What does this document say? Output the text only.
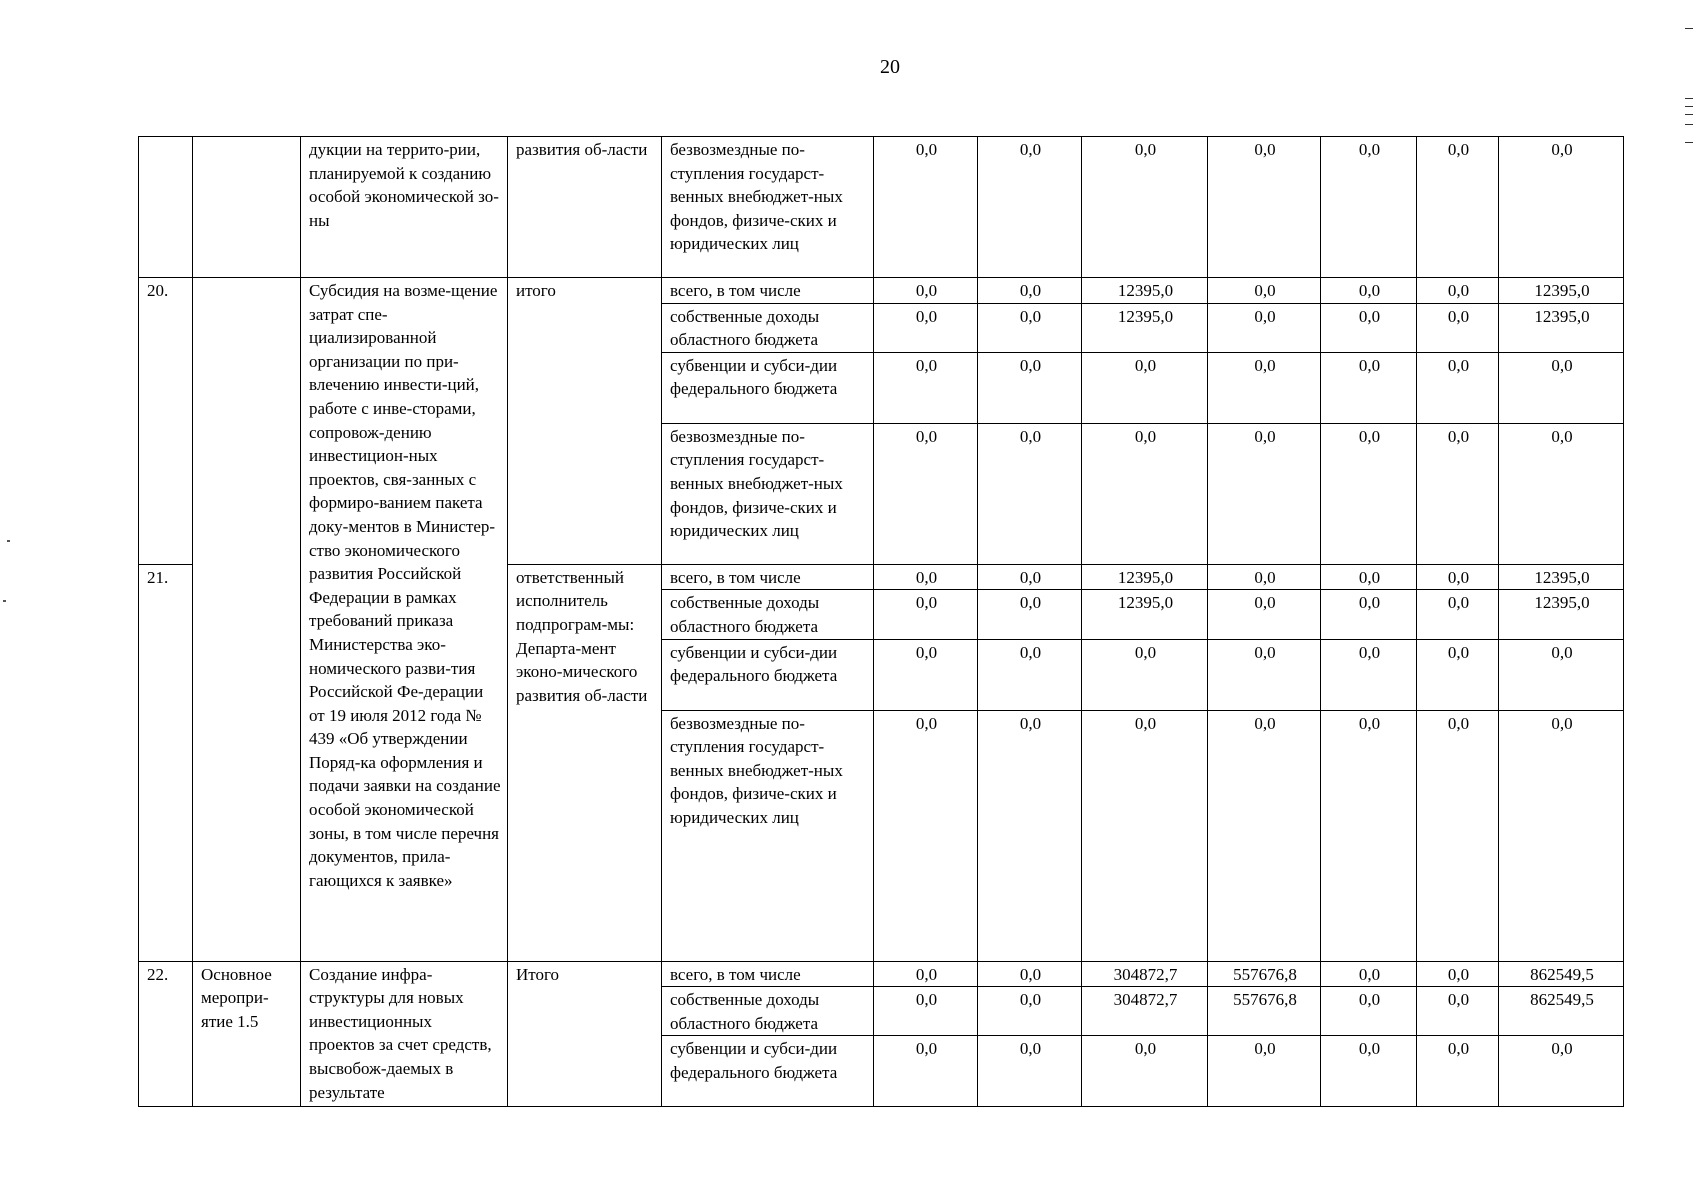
20
		дукции на террито-рии, планируемой к созданию особой экономической зо-ны	развития об-ласти	безвозмездные по-ступления государст-венных внебюджет-ных фондов, физиче-ских и юридических лиц	0,0	0,0	0,0	0,0	0,0	0,0	0,0
20.		Субсидия на возме-щение затрат спе-циализированной организации по при-влечению инвести-ций, работе с инве-сторами, сопровож-дению инвестицион-ных проектов, свя-занных с формиро-ванием пакета доку-ментов в Министер-ство экономического развития Российской Федерации в рамках требований приказа Министерства эко-номического разви-тия Российской Фе-дерации от 19 июля 2012 года № 439 «Об утверждении Поряд-ка оформления и подачи заявки на создание особой экономической зоны, в том числе перечня документов, прила-гающихся к заявке»	итого	всего, в том числе	0,0	0,0	12395,0	0,0	0,0	0,0	12395,0
				собственные доходы областного бюджета	0,0	0,0	12395,0	0,0	0,0	0,0	12395,0
				субвенции и субси-дии федерального бюджета	0,0	0,0	0,0	0,0	0,0	0,0	0,0
				безвозмездные по-ступления государст-венных внебюджет-ных фондов, физиче-ских и юридических лиц	0,0	0,0	0,0	0,0	0,0	0,0	0,0
21.			ответственный исполнитель подпрограм-мы: Департа-мент эконо-мического развития об-ласти	всего, в том числе	0,0	0,0	12395,0	0,0	0,0	0,0	12395,0
				собственные доходы областного бюджета	0,0	0,0	12395,0	0,0	0,0	0,0	12395,0
				субвенции и субси-дии федерального бюджета	0,0	0,0	0,0	0,0	0,0	0,0	0,0
				безвозмездные по-ступления государст-венных внебюджет-ных фондов, физиче-ских и юридических лиц	0,0	0,0	0,0	0,0	0,0	0,0	0,0
22.	Основное меропри-ятие 1.5	Создание инфра-структуры для новых инвестиционных проектов за счет средств, высвобож-даемых в результате	Итого	всего, в том числе	0,0	0,0	304872,7	557676,8	0,0	0,0	862549,5
				собственные доходы областного бюджета	0,0	0,0	304872,7	557676,8	0,0	0,0	862549,5
				субвенции и субси-дии федерального бюджета	0,0	0,0	0,0	0,0	0,0	0,0	0,0
